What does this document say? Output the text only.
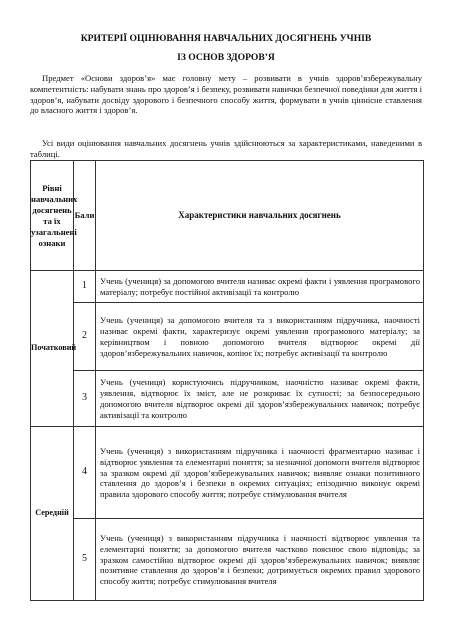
КРИТЕРІЇ ОЦІНЮВАННЯ НАВЧАЛЬНИХ ДОСЯГНЕНЬ УЧНІВ
ІЗ ОСНОВ ЗДОРОВ’Я

Предмет «Основи здоров’я» має головну мету – розвивати в учнів здоров’язбережувальну компетентність: набувати знань про здоров’я і безпеку, розвивати навички безпечної поведінки для життя і здоров’я, набувати досвіду здорового і безпечного способу життя, формувати в учнів ціннісне ставлення до власного життя і здоров’я.

Усі види оцінювання навчальних досягнень учнів здійснюються за характеристиками, наведеними в таблиці.

Рівні навчальних досягнень та їх узагальнені ознаки	Бали	Характеристики навчальних досягнень
Початковий	1	Учень (учениця) за допомогою вчителя називає окремі факти і уявлення програмового матеріалу; потребує постійної активізації та контролю
	2	Учень (учениця) за допомогою вчителя та з використанням підручника, наочності називає окремі факти, характеризує окремі уявлення програмового матеріалу; за керівництвом і повною допомогою вчителя відтворює окремі дії здоров’язбережувальних навичок, копіює їх; потребує активізації та контролю
	3	Учень (учениця) користуючись підручником, наочністю називає окремі факти, уявлення, відтворює їх зміст, але не розкриває їх сутності; за безпосередньою допомогою вчителя відтворює окремі дії здоров’язбережувальних навичок; потребує активізації та контролю
Середній	4	Учень (учениця) з використанням підручника і наочності фрагментарно називає і відтворює уявлення та елементарні поняття; за незначної допомоги вчителя відтворює за зразком окремі дії здоров’язбережувальних навичок; виявляє ознаки позитивного ставлення до здоров’я і безпеки в окремих ситуаціях; епізодично виконує окремі правила здорового способу життя; потребує стимулювання вчителя
	5	Учень (учениця) з використанням підручника і наочності відтворює уявлення та елементарні поняття; за допомогою вчителя частково пояснює свою відповідь; за зразком самостійно відтворює окремі дії здоров’язбережувальних навичок; виявляє позитивне ставлення до здоров’я і безпеки; дотримується окремих правил здорового способу життя; потребує стимулювання вчителя
